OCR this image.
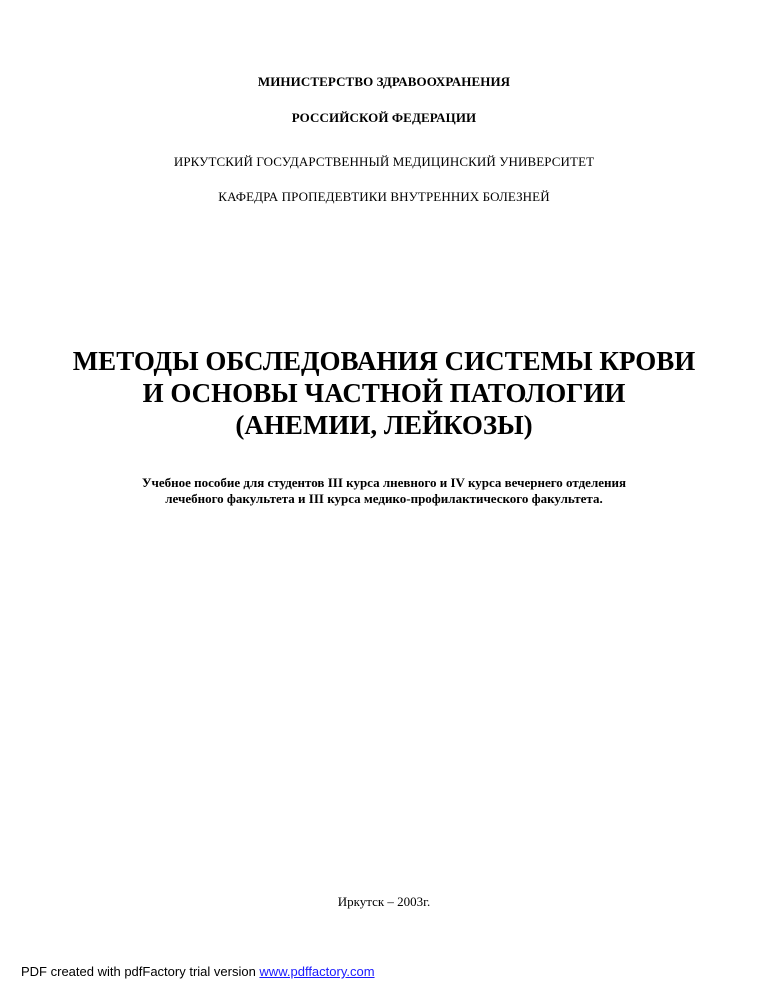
МИНИСТЕРСТВО ЗДРАВООХРАНЕНИЯ
РОССИЙСКОЙ ФЕДЕРАЦИИ
ИРКУТСКИЙ ГОСУДАРСТВЕННЫЙ МЕДИЦИНСКИЙ УНИВЕРСИТЕТ
КАФЕДРА ПРОПЕДЕВТИКИ ВНУТРЕННИХ БОЛЕЗНЕЙ
МЕТОДЫ ОБСЛЕДОВАНИЯ СИСТЕМЫ КРОВИ
И ОСНОВЫ ЧАСТНОЙ ПАТОЛОГИИ
(АНЕМИИ, ЛЕЙКОЗЫ)
Учебное пособие для студентов III курса лневного и IV курса вечернего отделения
лечебного факультета и III курса медико-профилактического факультета.
Иркутск – 2003г.
PDF created with pdfFactory trial version www.pdffactory.com
